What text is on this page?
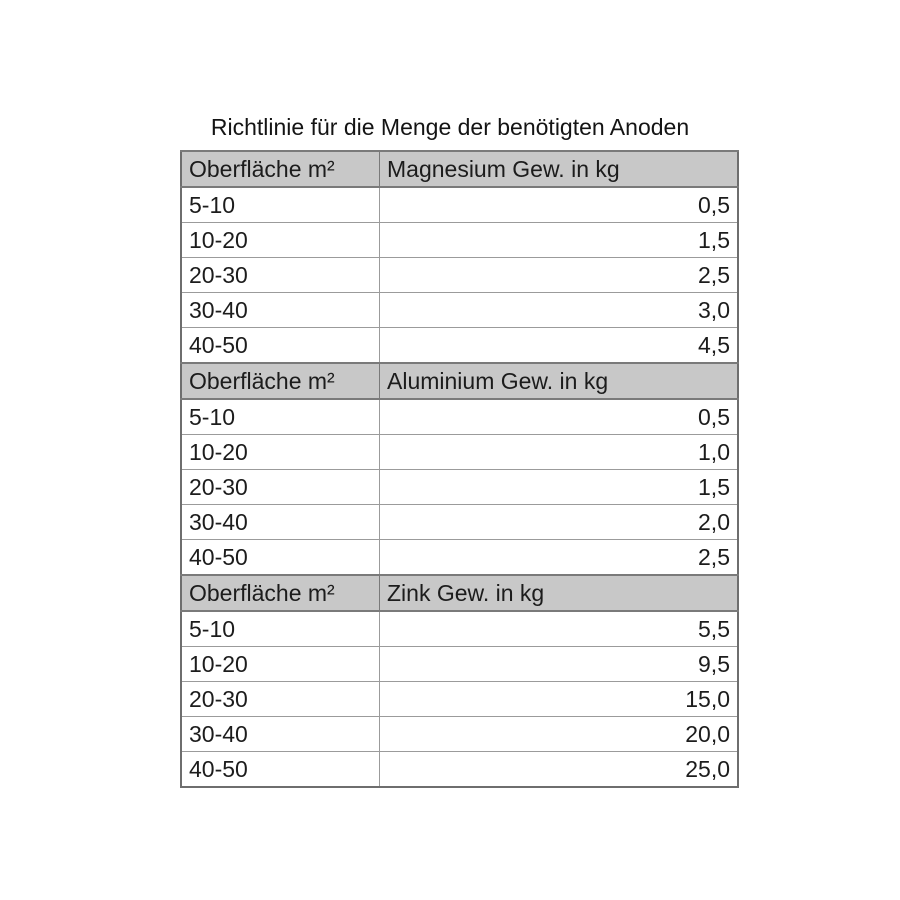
Richtlinie für die Menge der benötigten Anoden
Oberfläche m²	Magnesium Gew. in kg
5-10	0,5
10-20	1,5
20-30	2,5
30-40	3,0
40-50	4,5
Oberfläche m²	Aluminium Gew. in kg
5-10	0,5
10-20	1,0
20-30	1,5
30-40	2,0
40-50	2,5
Oberfläche m²	Zink Gew. in kg
5-10	5,5
10-20	9,5
20-30	15,0
30-40	20,0
40-50	25,0
